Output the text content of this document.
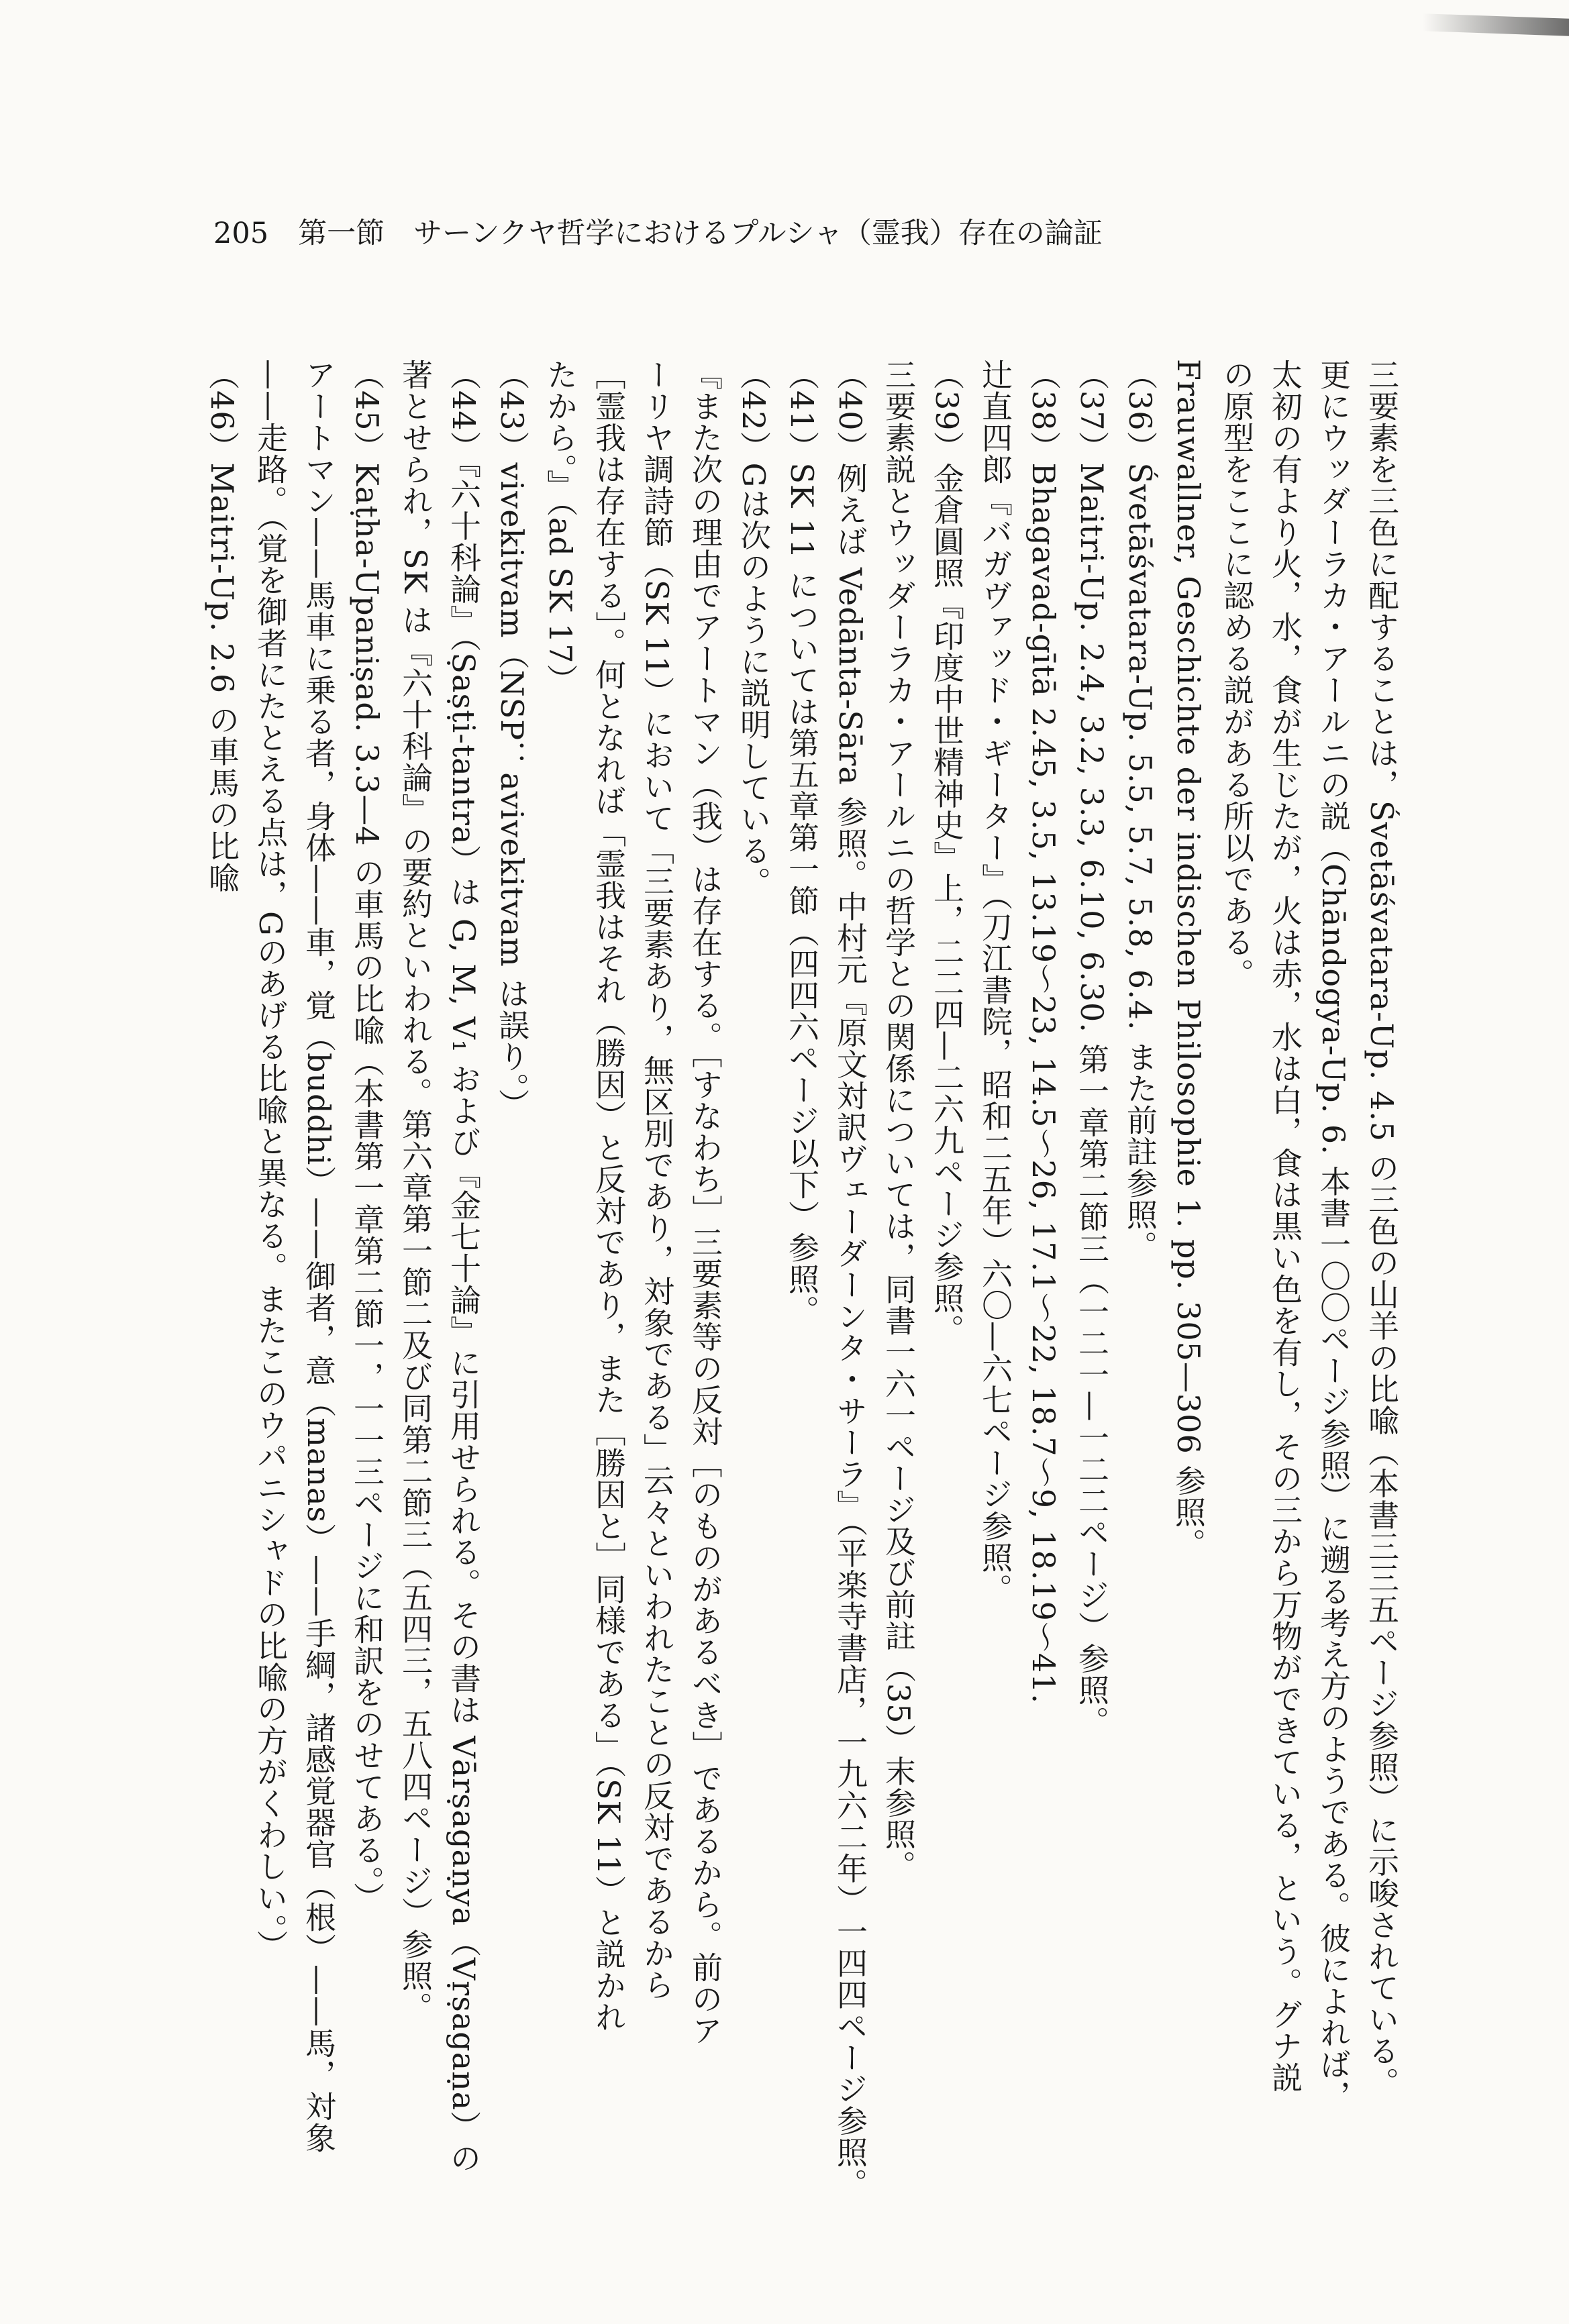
205 第一節　サーンクヤ哲学におけるプルシャ（霊我）存在の論証
三要素を三色に配することは，Śvetāśvatara-Up. 4.5 の三色の山羊の比喩（本書三三五ページ参照）に示唆されている。
更にウッダーラカ・アールニの説（Chāndogya-Up. 6. 本書一〇〇ページ参照）に遡る考え方のようである。彼によれば，
太初の有より火，水，食が生じたが，火は赤，水は白，食は黒い色を有し，その三から万物ができている，という。グナ説
の原型をここに認める説がある所以である。
Frauwallner, Geschichte der indischen Philosophie 1. pp. 305—306 参照。
（36）Śvetāśvatara-Up. 5.5, 5.7, 5.8, 6.4. また前註参照。
（37）Maitri-Up. 2.4, 3.2, 3.3, 6.10, 6.30. 第一章第二節三（一二一—一二二ページ）参照。
（38）Bhagavad-gītā 2.45, 3.5, 13.19〜23, 14.5〜26, 17.1〜22, 18.7〜9, 18.19〜41.
辻直四郎『バガヴァッド・ギーター』（刀江書院，昭和二五年）六〇—六七ページ参照。
（39）金倉圓照『印度中世精神史』上，二二四—二六九ページ参照。
三要素説とウッダーラカ・アールニの哲学との関係については，同書一六一ページ及び前註（35）末参照。
（40）例えば Vedānta-Sāra 参照。中村元『原文対訳ヴェーダーンタ・サーラ』（平楽寺書店，一九六二年）一四四ページ参照。
（41）SK 11 については第五章第一節（四四六ページ以下）参照。
（42）Gは次のように説明している。
『また次の理由でアートマン（我）は存在する。［すなわち］三要素等の反対［のものがあるべき］であるから。前のア
ーリヤ調詩節（SK 11）において「三要素あり，無区別であり，対象である」云々といわれたことの反対であるから
［霊我は存在する］。何となれば「霊我はそれ（勝因）と反対であり，また［勝因と］同様である」（SK 11）と説かれ
たから。』（ad SK 17）
（43）vivekitvam（NSP：avivekitvam は誤り。）
（44）『六十科論』（Ṣaṣṭi-tantra）は G, M, V₁ および『金七十論』に引用せられる。その書は Vārṣagaṇya（Vṛṣagaṇa）の
著とせられ，SK は『六十科論』の要約といわれる。第六章第一節二及び同第二節三（五四三，五八四ページ）参照。
（45）Kaṭha-Upaniṣad. 3.3—4 の車馬の比喩（本書第一章第二節一，一一三ページに和訳をのせてある。）
アートマン——馬車に乗る者，身体——車，覚（buddhi）——御者，意（manas）——手綱，諸感覚器官（根）——馬，対象
——走路。（覚を御者にたとえる点は，Gのあげる比喩と異なる。またこのウパニシャドの比喩の方がくわしい。）
（46）Maitri-Up. 2.6 の車馬の比喩
